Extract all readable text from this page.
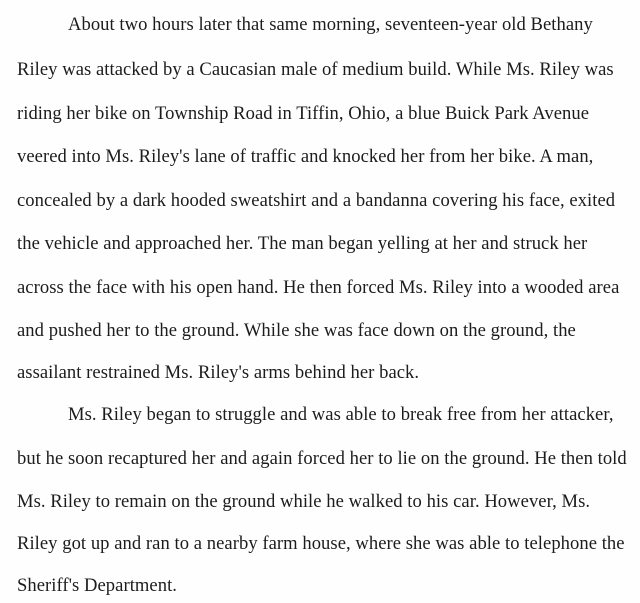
About two hours later that same morning, seventeen-year old Bethany
Riley was attacked by a Caucasian male of medium build. While Ms. Riley was
riding her bike on Township Road in Tiffin, Ohio, a blue Buick Park Avenue
veered into Ms. Riley's lane of traffic and knocked her from her bike. A man,
concealed by a dark hooded sweatshirt and a bandanna covering his face, exited
the vehicle and approached her. The man began yelling at her and struck her
across the face with his open hand. He then forced Ms. Riley into a wooded area
and pushed her to the ground. While she was face down on the ground, the
assailant restrained Ms. Riley's arms behind her back.
Ms. Riley began to struggle and was able to break free from her attacker,
but he soon recaptured her and again forced her to lie on the ground. He then told
Ms. Riley to remain on the ground while he walked to his car. However, Ms.
Riley got up and ran to a nearby farm house, where she was able to telephone the
Sheriff's Department.
